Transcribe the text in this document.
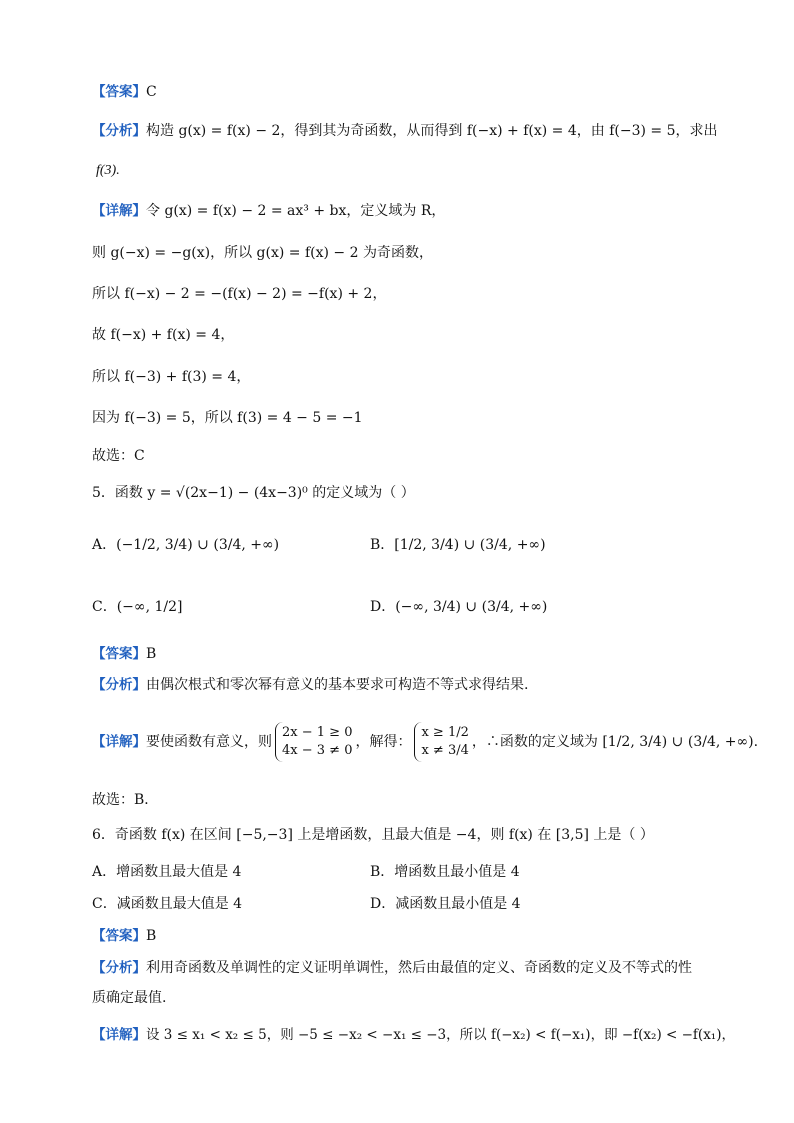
【答案】C
【分析】构造 g(x) = f(x) − 2，得到其为奇函数，从而得到 f(−x) + f(x) = 4，由 f(−3) = 5，求出
f(3).
【详解】令 g(x) = f(x) − 2 = ax³ + bx，定义域为 R，
则 g(−x) = −g(x)，所以 g(x) = f(x) − 2 为奇函数，
所以 f(−x) − 2 = −(f(x) − 2) = −f(x) + 2，
故 f(−x) + f(x) = 4，
所以 f(−3) + f(3) = 4，
因为 f(−3) = 5，所以 f(3) = 4 − 5 = −1
故选：C
5．函数 y = √(2x−1) − (4x−3)⁰ 的定义域为（ ）
A．(−1/2, 3/4) ∪ (3/4, +∞)	B．[1/2, 3/4) ∪ (3/4, +∞)
C．(−∞, 1/2]	D．(−∞, 3/4) ∪ (3/4, +∞)
【答案】B
【分析】由偶次根式和零次幂有意义的基本要求可构造不等式求得结果.
【详解】要使函数有意义，则
2x − 1 ≥ 0
4x − 3 ≠ 0
，解得：
x ≥ 1/2
x ≠ 3/4
，∴函数的定义域为 [1/2, 3/4) ∪ (3/4, +∞).
故选：B．
6．奇函数 f(x) 在区间 [−5,−3] 上是增函数，且最大值是 −4，则 f(x) 在 [3,5] 上是（ ）
A．增函数且最大值是 4	B．增函数且最小值是 4
C．减函数且最大值是 4	D．减函数且最小值是 4
【答案】B
【分析】利用奇函数及单调性的定义证明单调性，然后由最值的定义、奇函数的定义及不等式的性质确定最值.
【详解】设 3 ≤ x₁ < x₂ ≤ 5，则 −5 ≤ −x₂ < −x₁ ≤ −3，所以 f(−x₂) < f(−x₁)，即 −f(x₂) < −f(x₁)，
